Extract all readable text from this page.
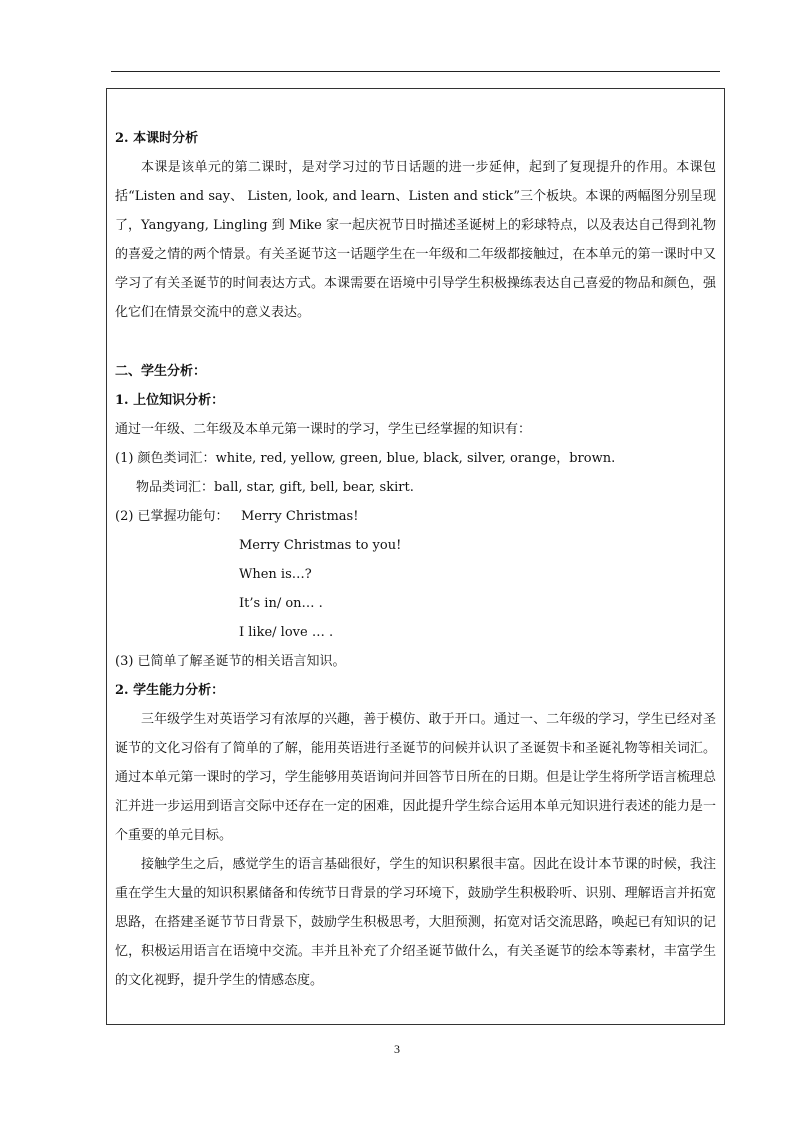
2. 本课时分析

本课是该单元的第二课时，是对学习过的节日话题的进一步延伸，起到了复现提升的作用。本课包括“Listen and say、 Listen, look, and learn、Listen and stick”三个板块。本课的两幅图分别呈现了，Yangyang, Lingling 到 Mike 家一起庆祝节日时描述圣诞树上的彩球特点，以及表达自己得到礼物的喜爱之情的两个情景。有关圣诞节这一话题学生在一年级和二年级都接触过，在本单元的第一课时中又学习了有关圣诞节的时间表达方式。本课需要在语境中引导学生积极操练表达自己喜爱的物品和颜色，强化它们在情景交流中的意义表达。

二、学生分析：

1. 上位知识分析：

通过一年级、二年级及本单元第一课时的学习，学生已经掌握的知识有：

(1) 颜色类词汇：white, red, yellow, green, blue, black, silver, orange，brown.

物品类词汇：ball, star, gift, bell, bear, skirt.

(2) 已掌握功能句： Merry Christmas!

Merry Christmas to you!

When is…?

It’s in/ on… .

I like/ love … .

(3) 已简单了解圣诞节的相关语言知识。

2. 学生能力分析：

三年级学生对英语学习有浓厚的兴趣，善于模仿、敢于开口。通过一、二年级的学习，学生已经对圣诞节的文化习俗有了简单的了解，能用英语进行圣诞节的问候并认识了圣诞贺卡和圣诞礼物等相关词汇。通过本单元第一课时的学习，学生能够用英语询问并回答节日所在的日期。但是让学生将所学语言梳理总汇并进一步运用到语言交际中还存在一定的困难，因此提升学生综合运用本单元知识进行表述的能力是一个重要的单元目标。

接触学生之后，感觉学生的语言基础很好，学生的知识积累很丰富。因此在设计本节课的时候，我注重在学生大量的知识积累储备和传统节日背景的学习环境下，鼓励学生积极聆听、识别、理解语言并拓宽思路，在搭建圣诞节节日背景下，鼓励学生积极思考，大胆预测，拓宽对话交流思路，唤起已有知识的记忆，积极运用语言在语境中交流。丰并且补充了介绍圣诞节做什么，有关圣诞节的绘本等素材，丰富学生的文化视野，提升学生的情感态度。

3
